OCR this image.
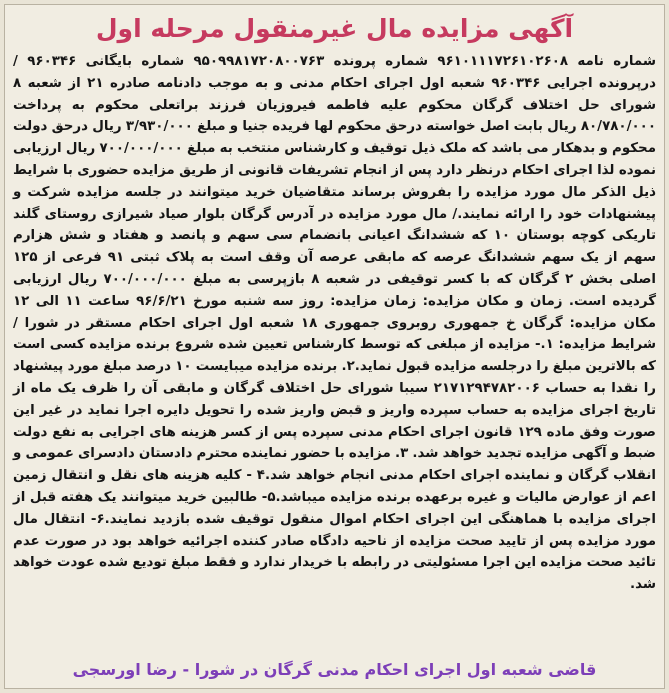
آگهی مزایده مال غیرمنقول مرحله اول
شماره نامه ۹۶۱۰۱۱۱۷۲۶۱۰۲۶۰۸ شماره پرونده ۹۵۰۹۹۸۱۷۲۰۸۰۰۷۶۳ شماره بایگانی ۹۶۰۳۴۶ / درپرونده اجرایی ۹۶۰۳۴۶ شعبه اول اجرای احکام مدنی و به موجب دادنامه صادره ۲۱ از شعبه ۸ شورای حل اختلاف گرگان محکوم علیه فاطمه فیروزیان فرزند براتعلی محکوم به پرداخت ۸۰/۷۸۰/۰۰۰ ریال بابت اصل خواسته درحق محکوم لها فریده جنیا و مبلغ ۳/۹۳۰/۰۰۰ ریال درحق دولت محکوم و بدهکار می باشد که ملک ذیل توقیف و کارشناس منتخب به مبلغ ۷۰۰/۰۰۰/۰۰۰ ریال ارزیابی نموده لذا اجرای احکام درنظر دارد پس از انجام تشریفات قانونی از طریق مزایده حضوری با شرایط ذیل الذکر مال مورد مزایده را بفروش برساند متقاضیان خرید میتوانند در جلسه مزایده شرکت و پیشنهادات خود را ارائه نمایند./ مال مورد مزایده در آدرس گرگان بلوار صیاد شیرازی روستای گلند تاریکی کوچه بوستان ۱۰ که ششدانگ اعیانی بانضمام سی سهم و پانصد و هفتاد و شش هزارم سهم از یک سهم ششدانگ عرصه که مابقی عرصه آن وقف است به پلاک ثبتی ۹۱ فرعی از ۱۲۵ اصلی بخش ۲ گرگان که با کسر توقیفی در شعبه ۸ بازپرسی به مبلغ ۷۰۰/۰۰۰/۰۰۰ ریال ارزیابی گردیده است. زمان و مکان مزایده: زمان مزایده: روز سه شنبه مورخ ۹۶/۶/۲۱ ساعت ۱۱ الی ۱۲ مکان مزایده: گرگان خ جمهوری روبروی جمهوری ۱۸ شعبه اول اجرای احکام مستقر در شورا / شرایط مزایده: ۱.- مزایده از مبلغی که توسط کارشناس تعیین شده شروع برنده مزایده کسی است که بالاترین مبلغ را درجلسه مزایده قبول نماید.۲. برنده مزایده میبایست ۱۰ درصد مبلغ مورد پیشنهاد را نقدا به حساب ۲۱۷۱۲۹۴۷۸۲۰۰۶ سیبا شورای حل اختلاف گرگان و مابقی آن را ظرف یک ماه از تاریخ اجرای مزایده به حساب سپرده واریز و قبض واریز شده را تحویل دایره اجرا نماید در غیر این صورت وفق ماده ۱۲۹ قانون اجرای احکام مدنی سپرده پس از کسر هزینه های اجرایی به نفع دولت ضبط و آگهی مزایده تجدید خواهد شد. ۳. مزایده با حضور نماینده محترم دادستان دادسرای عمومی و انقلاب گرگان و نماینده اجرای احکام مدنی انجام خواهد شد.۴ - کلیه هزینه های نقل و انتقال زمین اعم از عوارض مالیات و غیره برعهده برنده مزایده میباشد.۵- طالبین خرید میتوانند یک هفته قبل از اجرای مزایده با هماهنگی این اجرای احکام اموال منقول توقیف شده بازدید نمایند.۶- انتقال مال مورد مزایده پس از تایید صحت مزایده از ناحیه دادگاه صادر کننده اجرائیه خواهد بود در صورت عدم تائید صحت مزایده این اجرا مسئولیتی در رابطه با خریدار ندارد و فقط مبلغ تودیع شده عودت خواهد شد.
قاضی شعبه اول اجرای احکام مدنی گرگان در شورا - رضا اورسجی
